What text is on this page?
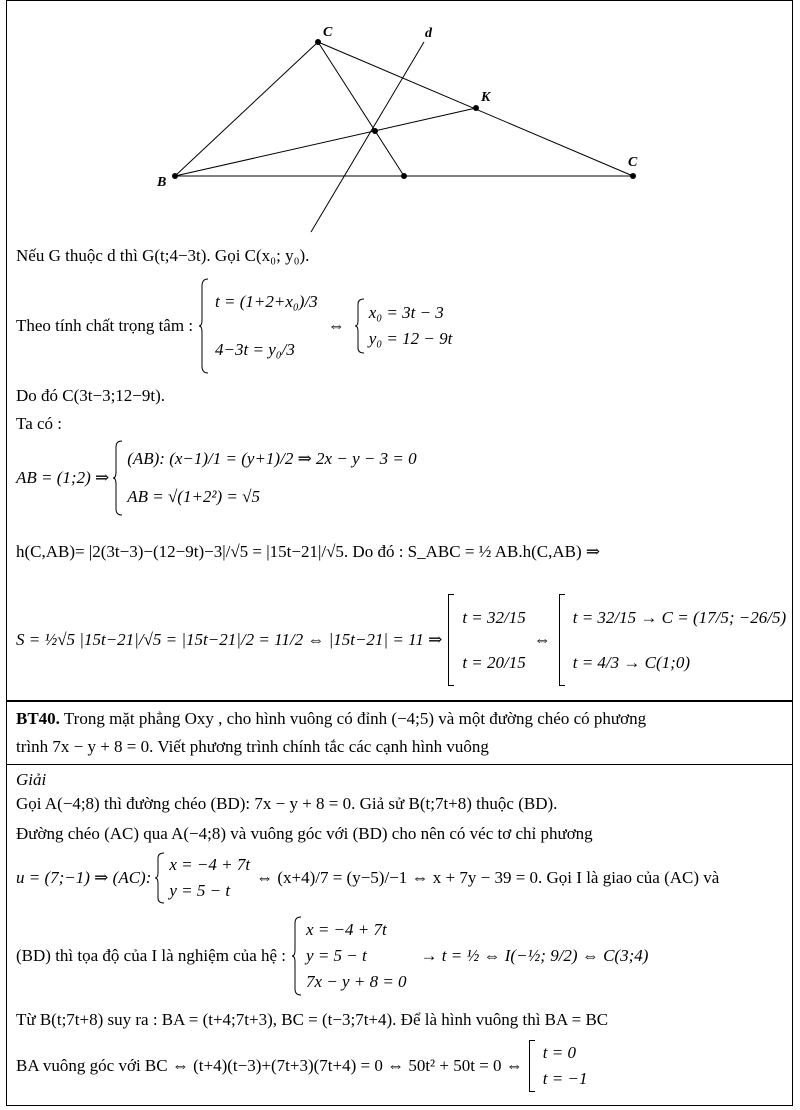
C	d
K
B
C
Nếu G thuộc d thì G(t;4−3t). Gọi C(x₀; y₀).
Theo tính chất trọng tâm :
t = (1+2+x₀)/3
4−3t = y₀/3
⇔
x₀ = 3t − 3
y₀ = 12 − 9t
Do đó C(3t−3;12−9t).
Ta có :
AB = (1;2) ⇒
(AB): (x−1)/1 = (y+1)/2 ⇒ 2x − y − 3 = 0
AB = √(1+2²) = √5
h(C,AB)= |2(3t−3)−(12−9t)−3|/√5 = |15t−21|/√5. Do đó : S_ABC = ½ AB.h(C,AB) ⇒
S = ½√5 |15t−21|/√5 = |15t−21|/2 = 11/2 ⇔ |15t−21| = 11 ⇒
t = 32/15
t = 20/15
⇔
t = 32/15 → C = (17/5; −26/5)
t = 4/3 → C(1;0)
BT40. Trong mặt phẳng Oxy , cho hình vuông có đỉnh (−4;5) và một đường chéo có phương
trình 7x − y + 8 = 0. Viết phương trình chính tắc các cạnh hình vuông
Giải
Gọi A(−4;8) thì đường chéo (BD): 7x − y + 8 = 0. Giả sử B(t;7t+8) thuộc (BD).
Đường chéo (AC) qua A(−4;8) và vuông góc với (BD) cho nên có véc tơ chỉ phương
u = (7;−1) ⇒ (AC):
x = −4 + 7t
y = 5 − t
⇔ (x+4)/7 = (y−5)/−1 ⇔ x + 7y − 39 = 0. Gọi I là giao của (AC) và
(BD) thì tọa độ của I là nghiệm của hệ :
x = −4 + 7t
y = 5 − t
7x − y + 8 = 0
→ t = ½ ⇔ I(−½; 9/2) ⇔ C(3;4)
Từ B(t;7t+8) suy ra : BA = (t+4;7t+3), BC = (t−3;7t+4). Để là hình vuông thì BA = BC
BA vuông góc với BC ⇔ (t+4)(t−3)+(7t+3)(7t+4) = 0 ⇔ 50t² + 50t = 0 ⇔
t = 0
t = −1
